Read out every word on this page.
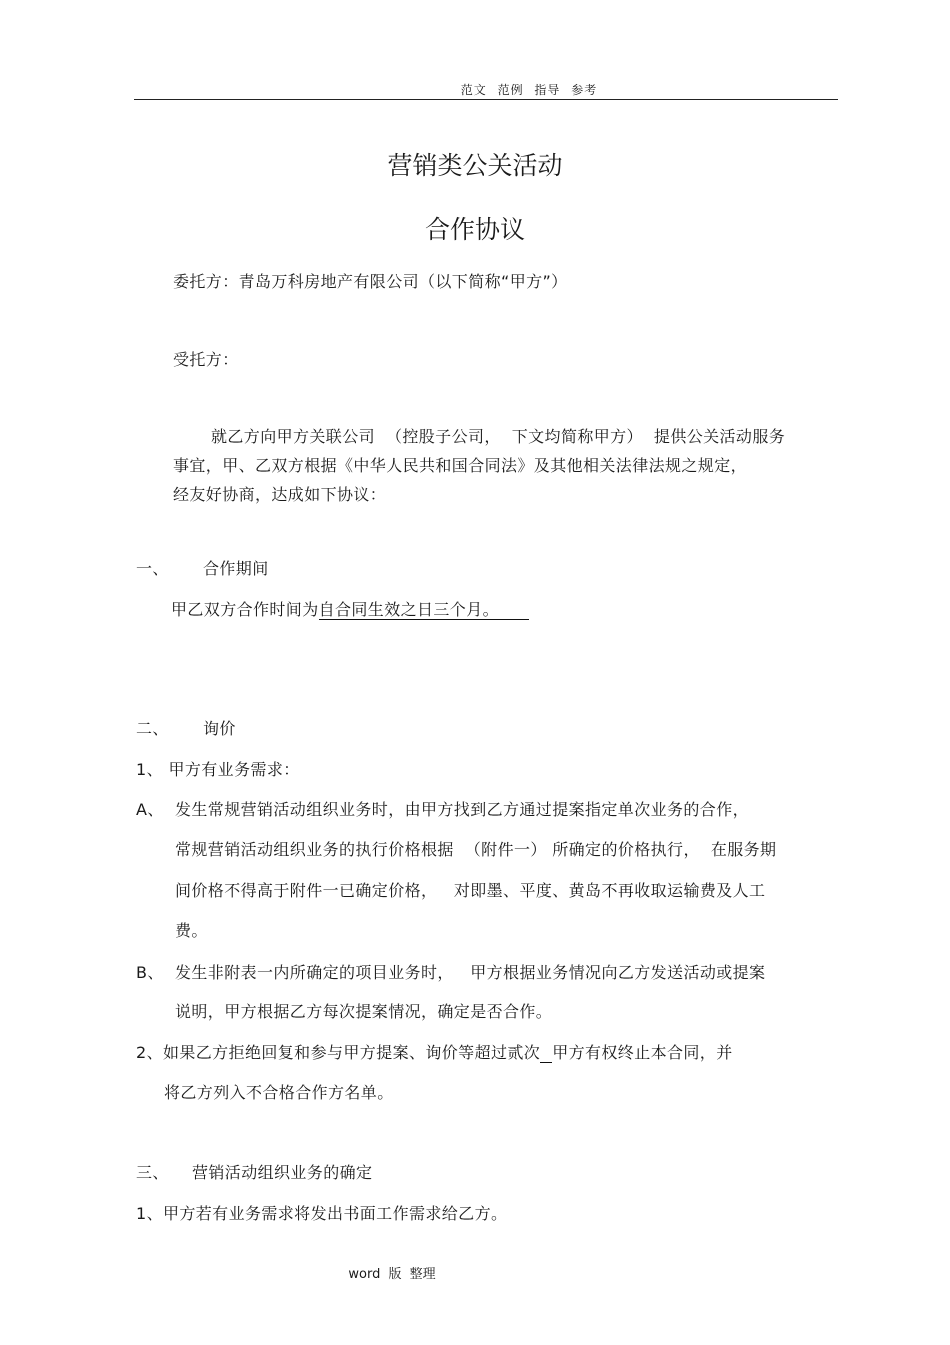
范文 范例 指导 参考
营销类公关活动
合作协议
委托方：青岛万科房地产有限公司（以下简称“甲方”）
受托方：
就乙方向甲方关联公司  （控股子公司，  下文均简称甲方）  提供公关活动服务
事宜，甲、乙双方根据《中华人民共和国合同法》及其他相关法律法规之规定，
经友好协商，达成如下协议：
一、 合作期间
甲乙双方合作时间为自合同生效之日三个月。
二、 询价
1、 甲方有业务需求：
A、 发生常规营销活动组织业务时，由甲方找到乙方通过提案指定单次业务的合作，
常规营销活动组织业务的执行价格根据  （附件一） 所确定的价格执行，  在服务期
间价格不得高于附件一已确定价格，   对即墨、平度、黄岛不再收取运输费及人工
费。
B、 发生非附表一内所确定的项目业务时，   甲方根据业务情况向乙方发送活动或提案
说明，甲方根据乙方每次提案情况，确定是否合作。
2、如果乙方拒绝回复和参与甲方提案、询价等超过贰次 甲方有权终止本合同，并
将乙方列入不合格合作方名单。
三、 营销活动组织业务的确定
1、甲方若有业务需求将发出书面工作需求给乙方。
word 版 整理
